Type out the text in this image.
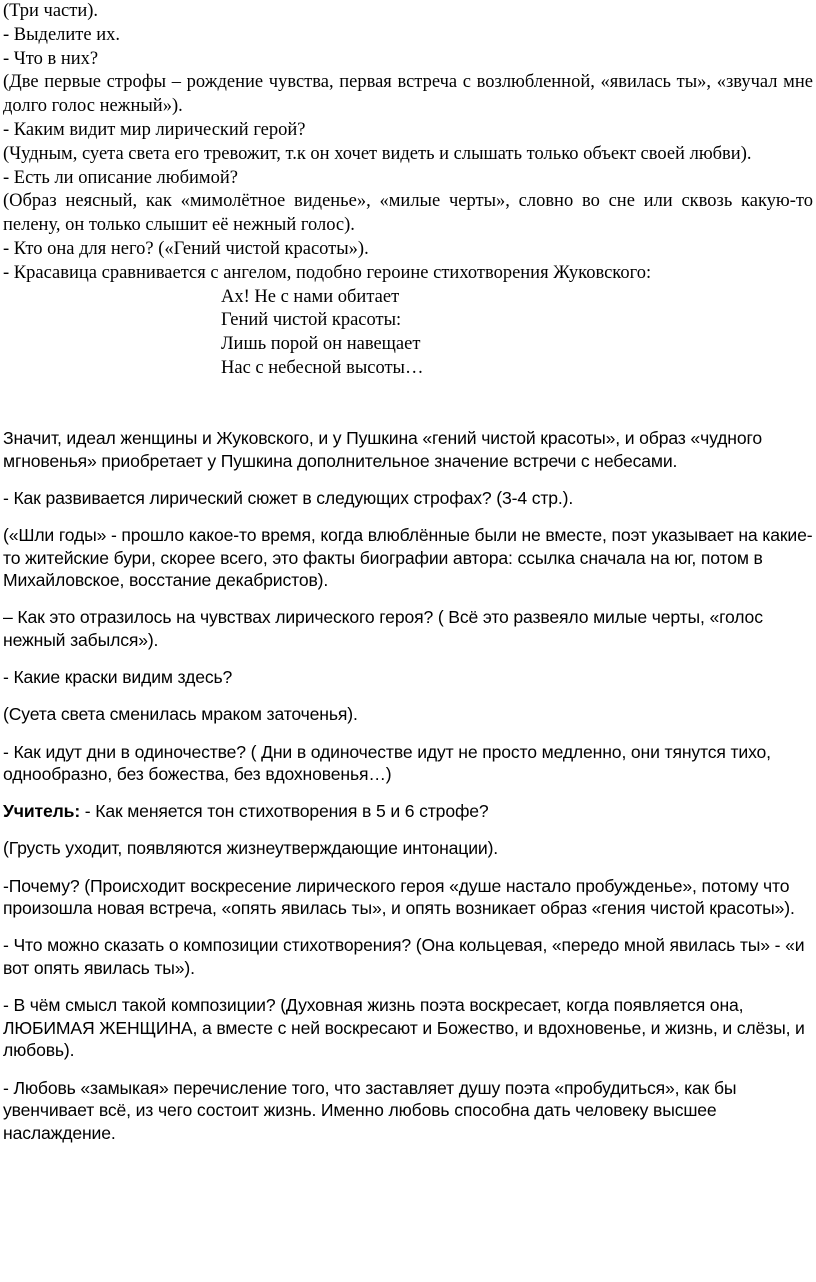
(Три части).

- Выделите их.

- Что в них?

(Две первые строфы – рождение чувства, первая встреча с возлюбленной, «явилась ты», «звучал мне долго голос нежный»).

- Каким видит мир лирический герой?

(Чудным, суета света его тревожит, т.к он хочет видеть и слышать только объект своей любви).

- Есть ли описание любимой?

(Образ неясный, как «мимолётное виденье», «милые черты», словно во сне или сквозь какую-то пелену, он только слышит её нежный голос).

- Кто она для него? («Гений чистой красоты»).

- Красавица сравнивается с ангелом, подобно героине стихотворения Жуковского:

Ах! Не с нами обитает

Гений чистой красоты:

Лишь порой он навещает

Нас с небесной высоты…

Значит, идеал женщины и Жуковского, и у Пушкина «гений чистой красоты», и образ «чудного мгновенья» приобретает у Пушкина дополнительное значение встречи с небесами.

- Как развивается лирический сюжет в следующих строфах? (3-4 стр.).

(«Шли годы» - прошло какое-то время, когда влюблённые были не вместе, поэт указывает на какие-то житейские бури, скорее всего, это факты биографии автора: ссылка сначала на юг, потом в Михайловское, восстание декабристов).

– Как это отразилось на чувствах лирического героя? ( Всё это развеяло милые черты, «голос нежный забылся»).

- Какие краски видим здесь?

(Суета света сменилась мраком заточенья).

- Как идут дни в одиночестве? ( Дни в одиночестве идут не просто медленно, они тянутся тихо, однообразно, без божества, без вдохновенья…)

Учитель: - Как меняется тон стихотворения в 5 и 6 строфе?

(Грусть уходит, появляются жизнеутверждающие интонации).

-Почему? (Происходит воскресение лирического героя «душе настало пробужденье», потому что произошла новая встреча, «опять явилась ты», и опять возникает образ «гения чистой красоты»).

- Что можно сказать о композиции стихотворения? (Она кольцевая, «передо мной явилась ты» - «и вот опять явилась ты»).

- В чём смысл такой композиции? (Духовная жизнь поэта воскресает, когда появляется она, ЛЮБИМАЯ ЖЕНЩИНА, а вместе с ней воскресают и Божество, и вдохновенье, и жизнь, и слёзы, и любовь).

- Любовь «замыкая» перечисление того, что заставляет душу поэта «пробудиться», как бы увенчивает всё, из чего состоит жизнь. Именно любовь способна дать человеку высшее наслаждение.
